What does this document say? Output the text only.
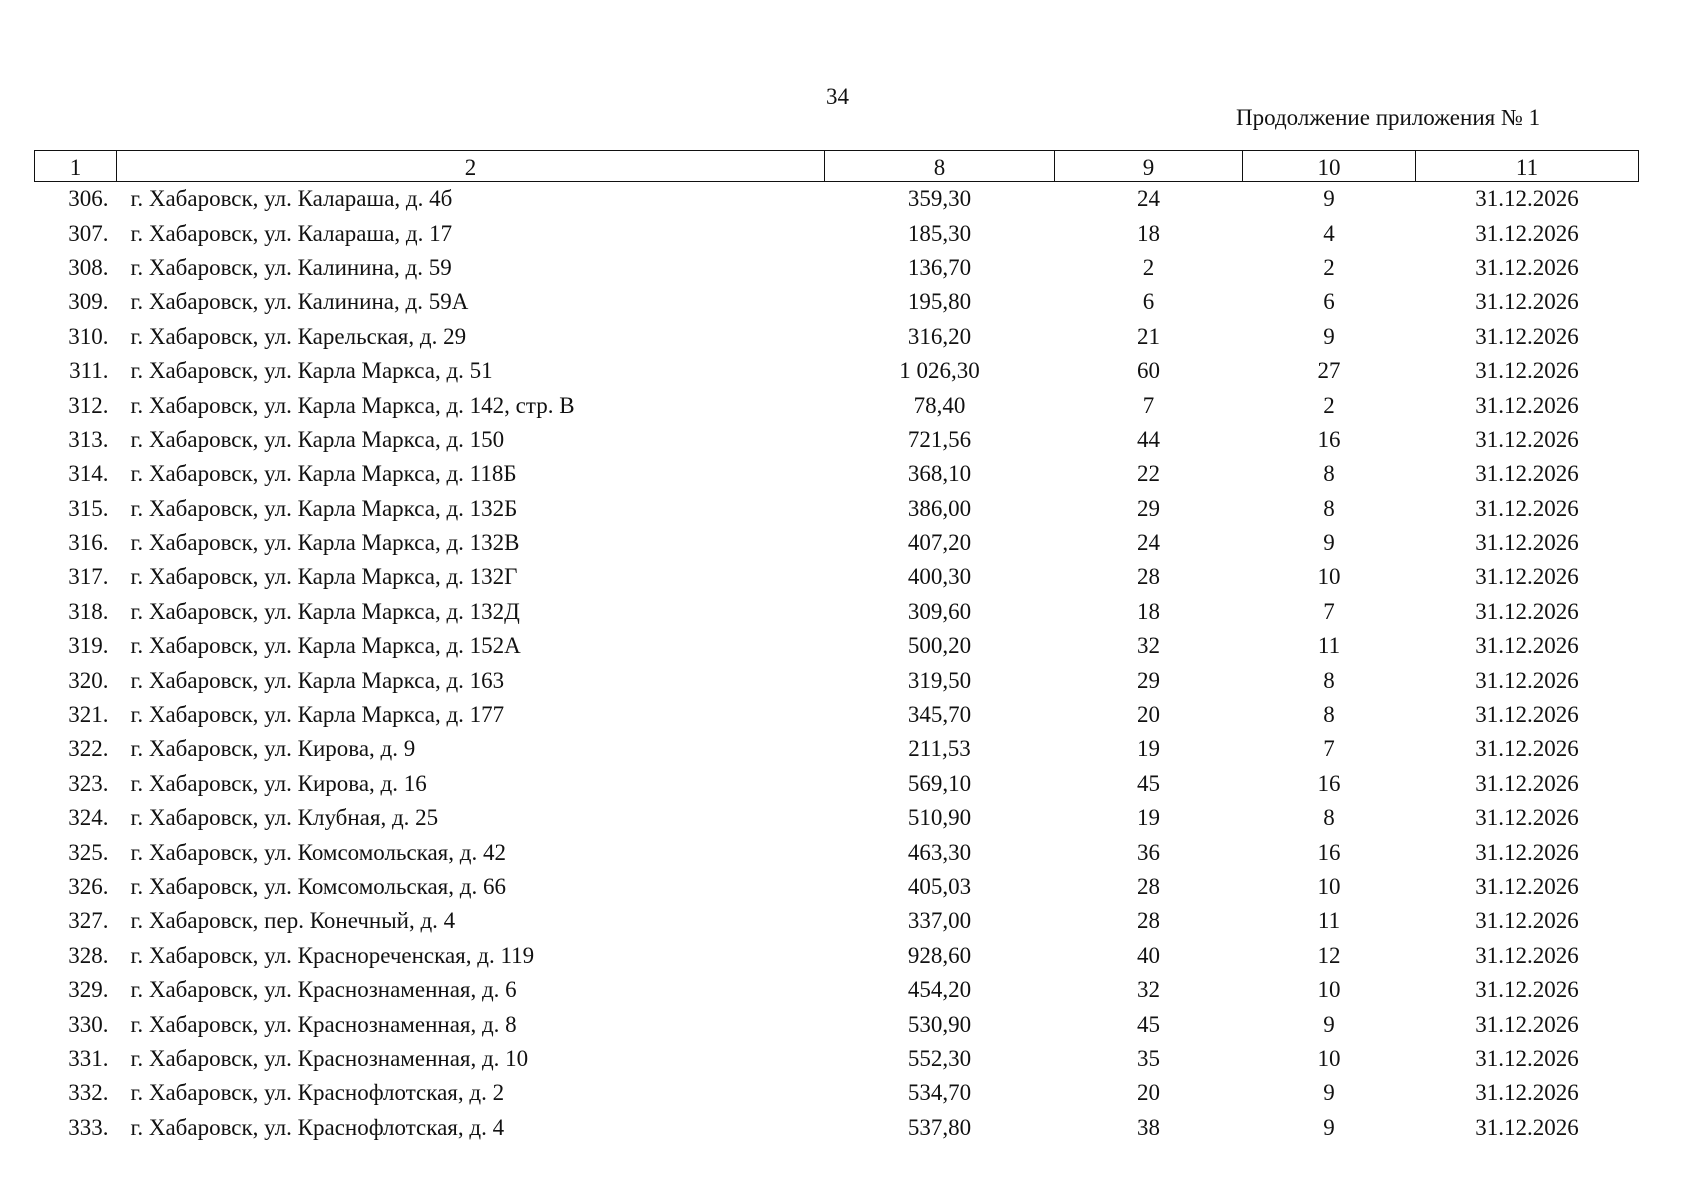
34
Продолжение приложения № 1
1	2	8	9	10	11
306.	г. Хабаровск, ул. Калараша, д. 4б	359,30	24	9	31.12.2026
307.	г. Хабаровск, ул. Калараша, д. 17	185,30	18	4	31.12.2026
308.	г. Хабаровск, ул. Калинина, д. 59	136,70	2	2	31.12.2026
309.	г. Хабаровск, ул. Калинина, д. 59А	195,80	6	6	31.12.2026
310.	г. Хабаровск, ул. Карельская, д. 29	316,20	21	9	31.12.2026
311.	г. Хабаровск, ул. Карла Маркса, д. 51	1 026,30	60	27	31.12.2026
312.	г. Хабаровск, ул. Карла Маркса, д. 142, стр. В	78,40	7	2	31.12.2026
313.	г. Хабаровск, ул. Карла Маркса, д. 150	721,56	44	16	31.12.2026
314.	г. Хабаровск, ул. Карла Маркса, д. 118Б	368,10	22	8	31.12.2026
315.	г. Хабаровск, ул. Карла Маркса, д. 132Б	386,00	29	8	31.12.2026
316.	г. Хабаровск, ул. Карла Маркса, д. 132В	407,20	24	9	31.12.2026
317.	г. Хабаровск, ул. Карла Маркса, д. 132Г	400,30	28	10	31.12.2026
318.	г. Хабаровск, ул. Карла Маркса, д. 132Д	309,60	18	7	31.12.2026
319.	г. Хабаровск, ул. Карла Маркса, д. 152А	500,20	32	11	31.12.2026
320.	г. Хабаровск, ул. Карла Маркса, д. 163	319,50	29	8	31.12.2026
321.	г. Хабаровск, ул. Карла Маркса, д. 177	345,70	20	8	31.12.2026
322.	г. Хабаровск, ул. Кирова, д. 9	211,53	19	7	31.12.2026
323.	г. Хабаровск, ул. Кирова, д. 16	569,10	45	16	31.12.2026
324.	г. Хабаровск, ул. Клубная, д. 25	510,90	19	8	31.12.2026
325.	г. Хабаровск, ул. Комсомольская, д. 42	463,30	36	16	31.12.2026
326.	г. Хабаровск, ул. Комсомольская, д. 66	405,03	28	10	31.12.2026
327.	г. Хабаровск, пер. Конечный, д. 4	337,00	28	11	31.12.2026
328.	г. Хабаровск, ул. Краснореченская, д. 119	928,60	40	12	31.12.2026
329.	г. Хабаровск, ул. Краснознаменная, д. 6	454,20	32	10	31.12.2026
330.	г. Хабаровск, ул. Краснознаменная, д. 8	530,90	45	9	31.12.2026
331.	г. Хабаровск, ул. Краснознаменная, д. 10	552,30	35	10	31.12.2026
332.	г. Хабаровск, ул. Краснофлотская, д. 2	534,70	20	9	31.12.2026
333.	г. Хабаровск, ул. Краснофлотская, д. 4	537,80	38	9	31.12.2026
